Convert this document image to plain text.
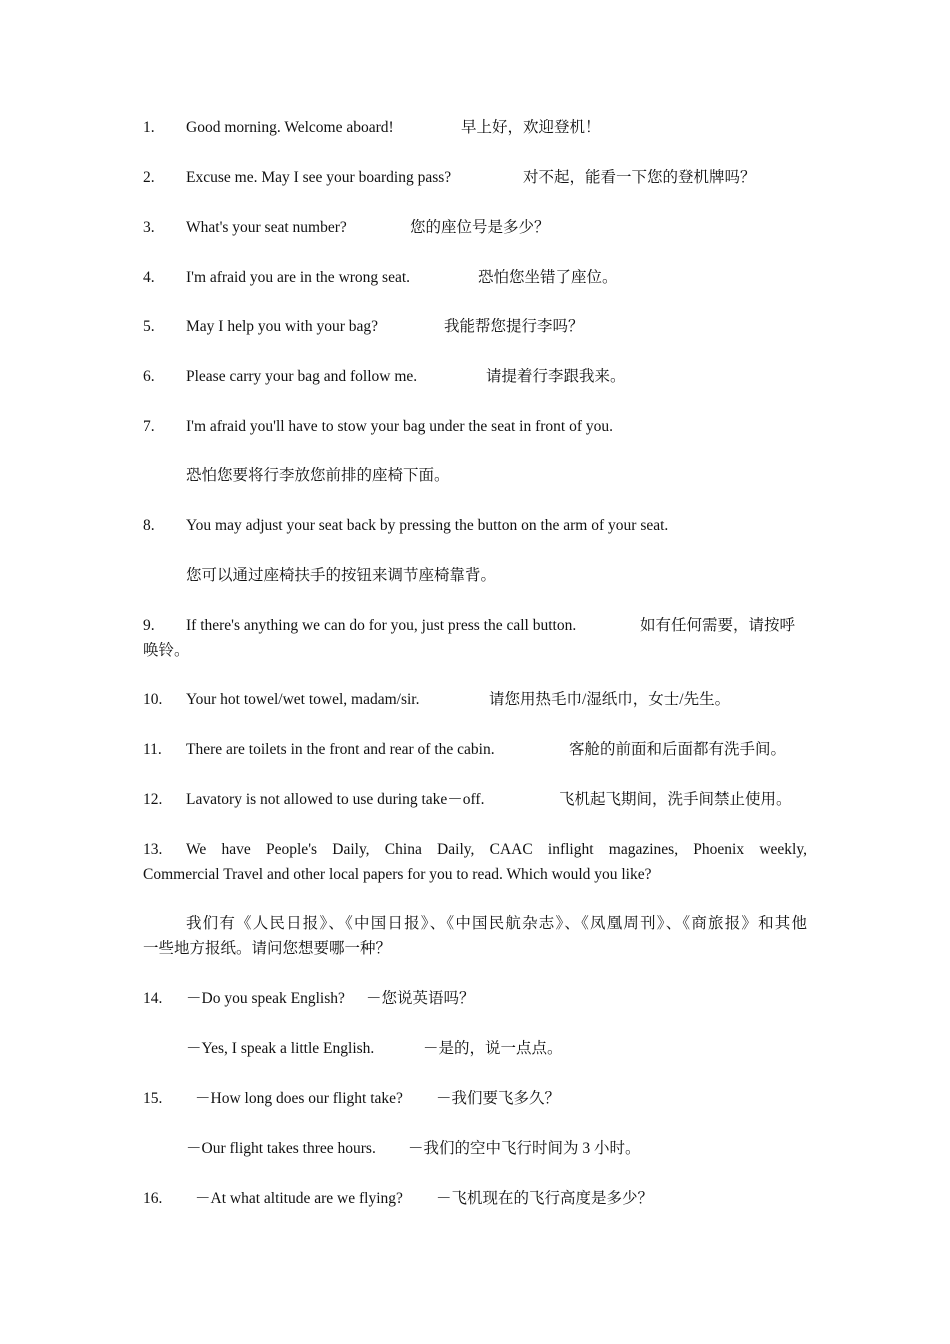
1. Good morning. Welcome aboard!	早上好，欢迎登机！
2. Excuse me. May I see your boarding pass?	对不起，能看一下您的登机牌吗？
3. What's your seat number?	您的座位号是多少？
4. I'm afraid you are in the wrong seat.	恐怕您坐错了座位。
5. May I help you with your bag?	我能帮您提行李吗？
6. Please carry your bag and follow me.	请提着行李跟我来。
7. I'm afraid you'll have to stow your bag under the seat in front of you.
恐怕您要将行李放您前排的座椅下面。
8. You may adjust your seat back by pressing the button on the arm of your seat.
您可以通过座椅扶手的按钮来调节座椅靠背。
9. If there's anything we can do for you, just press the call button.	如有任何需要，请按呼
唤铃。
10. Your hot towel/wet towel, madam/sir.	请您用热毛巾/湿纸巾，女士/先生。
11. There are toilets in the front and rear of the cabin.	客舱的前面和后面都有洗手间。
12. Lavatory is not allowed to use during take－off.	飞机起飞期间，洗手间禁止使用。
13. We have People's Daily, China Daily, CAAC inflight magazines, Phoenix weekly,
Commercial Travel and other local papers for you to read. Which would you like?
我们有《人民日报》、《中国日报》、《中国民航杂志》、《凤凰周刊》、《商旅报》和其他
一些地方报纸。请问您想要哪一种？
14. －Do you speak English? －您说英语吗？
－Yes, I speak a little English.	－是的，说一点点。
15. －How long does our flight take? －我们要飞多久？
－Our flight takes three hours. －我们的空中飞行时间为 3 小时。
16. －At what altitude are we flying? －飞机现在的飞行高度是多少？
